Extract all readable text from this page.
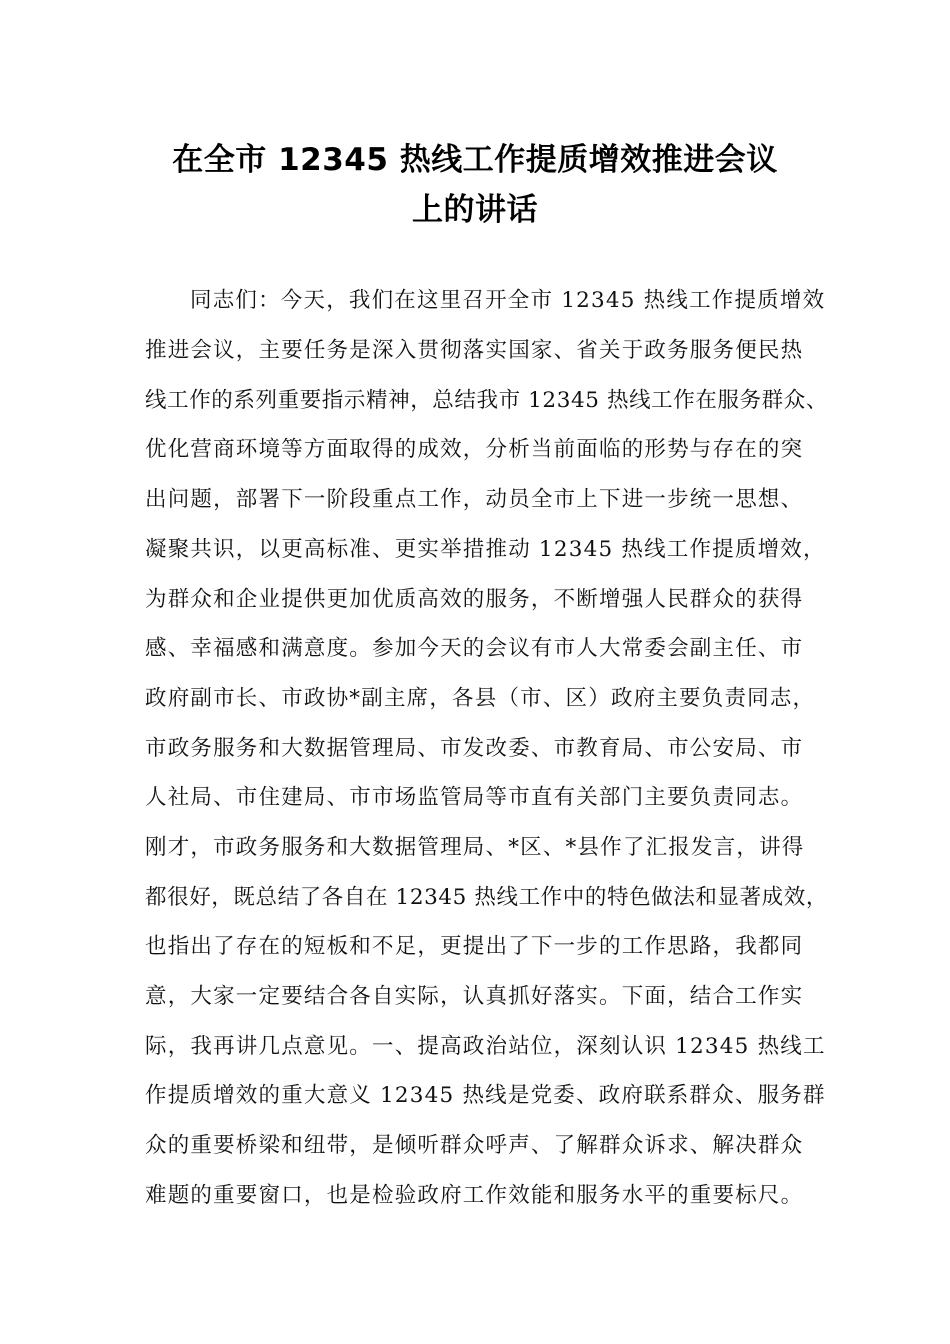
在全市 12345 热线工作提质增效推进会议
上的讲话
同志们：今天，我们在这里召开全市 12345 热线工作提质增效
推进会议，主要任务是深入贯彻落实国家、省关于政务服务便民热
线工作的系列重要指示精神，总结我市 12345 热线工作在服务群众、
优化营商环境等方面取得的成效，分析当前面临的形势与存在的突
出问题，部署下一阶段重点工作，动员全市上下进一步统一思想、
凝聚共识，以更高标准、更实举措推动 12345 热线工作提质增效，
为群众和企业提供更加优质高效的服务，不断增强人民群众的获得
感、幸福感和满意度。参加今天的会议有市人大常委会副主任、市
政府副市长、市政协*副主席，各县（市、区）政府主要负责同志，
市政务服务和大数据管理局、市发改委、市教育局、市公安局、市
人社局、市住建局、市市场监管局等市直有关部门主要负责同志。
刚才，市政务服务和大数据管理局、*区、*县作了汇报发言，讲得
都很好，既总结了各自在 12345 热线工作中的特色做法和显著成效，
也指出了存在的短板和不足，更提出了下一步的工作思路，我都同
意，大家一定要结合各自实际，认真抓好落实。下面，结合工作实
际，我再讲几点意见。一、提高政治站位，深刻认识 12345 热线工
作提质增效的重大意义 12345 热线是党委、政府联系群众、服务群
众的重要桥梁和纽带，是倾听群众呼声、了解群众诉求、解决群众
难题的重要窗口，也是检验政府工作效能和服务水平的重要标尺。
